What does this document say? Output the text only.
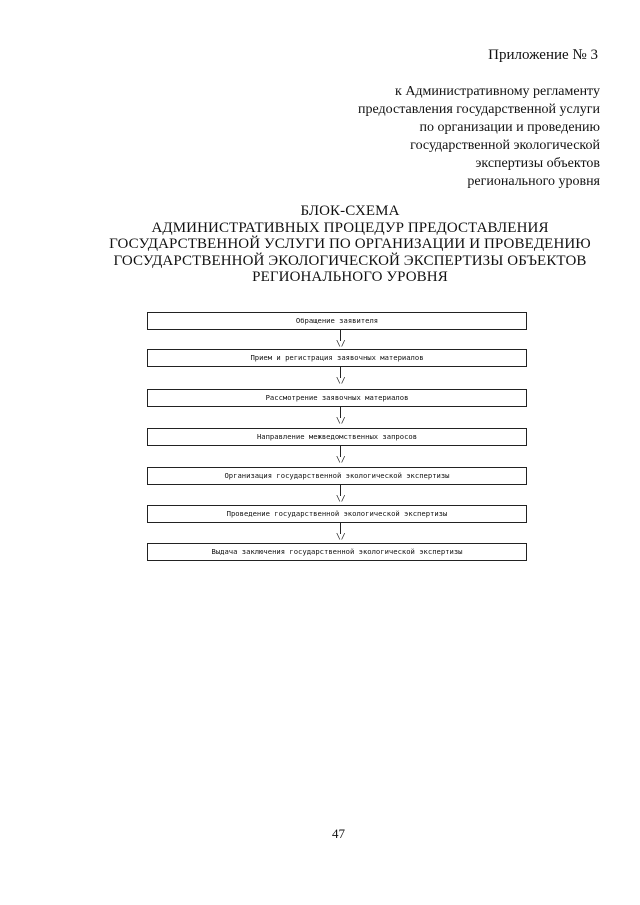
Приложение № 3
к Административному регламенту
предоставления государственной услуги
по организации и проведению
государственной экологической
экспертизы объектов
регионального уровня
БЛОК-СХЕМА
АДМИНИСТРАТИВНЫХ ПРОЦЕДУР ПРЕДОСТАВЛЕНИЯ
ГОСУДАРСТВЕННОЙ УСЛУГИ ПО ОРГАНИЗАЦИИ И ПРОВЕДЕНИЮ
ГОСУДАРСТВЕННОЙ ЭКОЛОГИЧЕСКОЙ ЭКСПЕРТИЗЫ ОБЪЕКТОВ
РЕГИОНАЛЬНОГО УРОВНЯ
Обращение заявителя
\/
Прием и регистрация заявочных материалов
\/
Рассмотрение заявочных материалов
\/
Направление межведомственных запросов
\/
Организация государственной экологической экспертизы
\/
Проведение государственной экологической экспертизы
\/
Выдача заключения государственной экологической экспертизы
47
